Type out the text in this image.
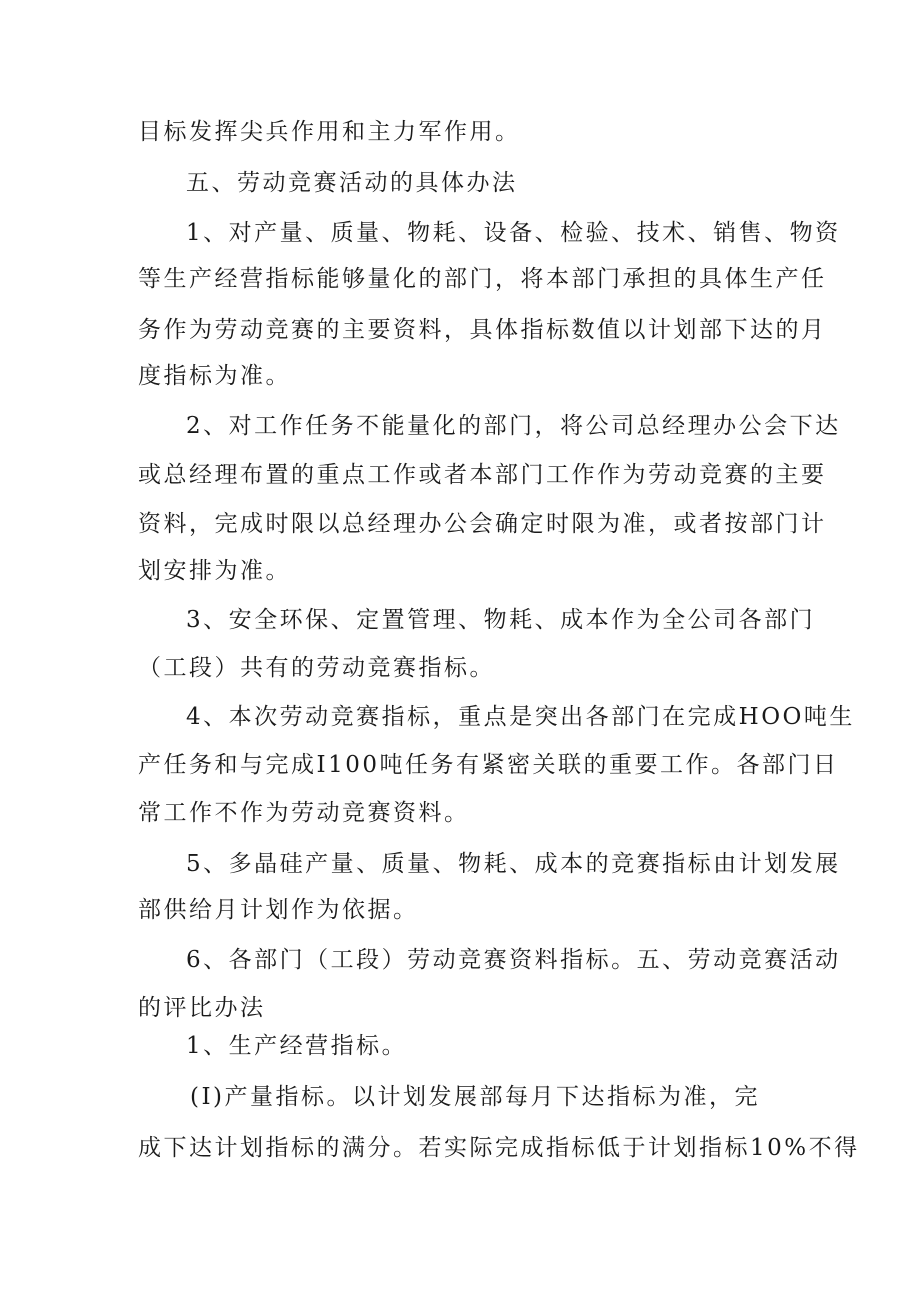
目标发挥尖兵作用和主力军作用。
五、劳动竞赛活动的具体办法
1、对产量、质量、物耗、设备、检验、技术、销售、物资
等生产经营指标能够量化的部门，将本部门承担的具体生产任
务作为劳动竞赛的主要资料，具体指标数值以计划部下达的月
度指标为准。
2、对工作任务不能量化的部门，将公司总经理办公会下达
或总经理布置的重点工作或者本部门工作作为劳动竞赛的主要
资料，完成时限以总经理办公会确定时限为准，或者按部门计
划安排为准。
3、安全环保、定置管理、物耗、成本作为全公司各部门
（工段）共有的劳动竞赛指标。
4、本次劳动竞赛指标，重点是突出各部门在完成HOO吨生
产任务和与完成I100吨任务有紧密关联的重要工作。各部门日
常工作不作为劳动竞赛资料。
5、多晶硅产量、质量、物耗、成本的竞赛指标由计划发展
部供给月计划作为依据。
6、各部门（工段）劳动竞赛资料指标。五、劳动竞赛活动
的评比办法
1、生产经营指标。
(I)产量指标。以计划发展部每月下达指标为准，完
成下达计划指标的满分。若实际完成指标低于计划指标10%不得
